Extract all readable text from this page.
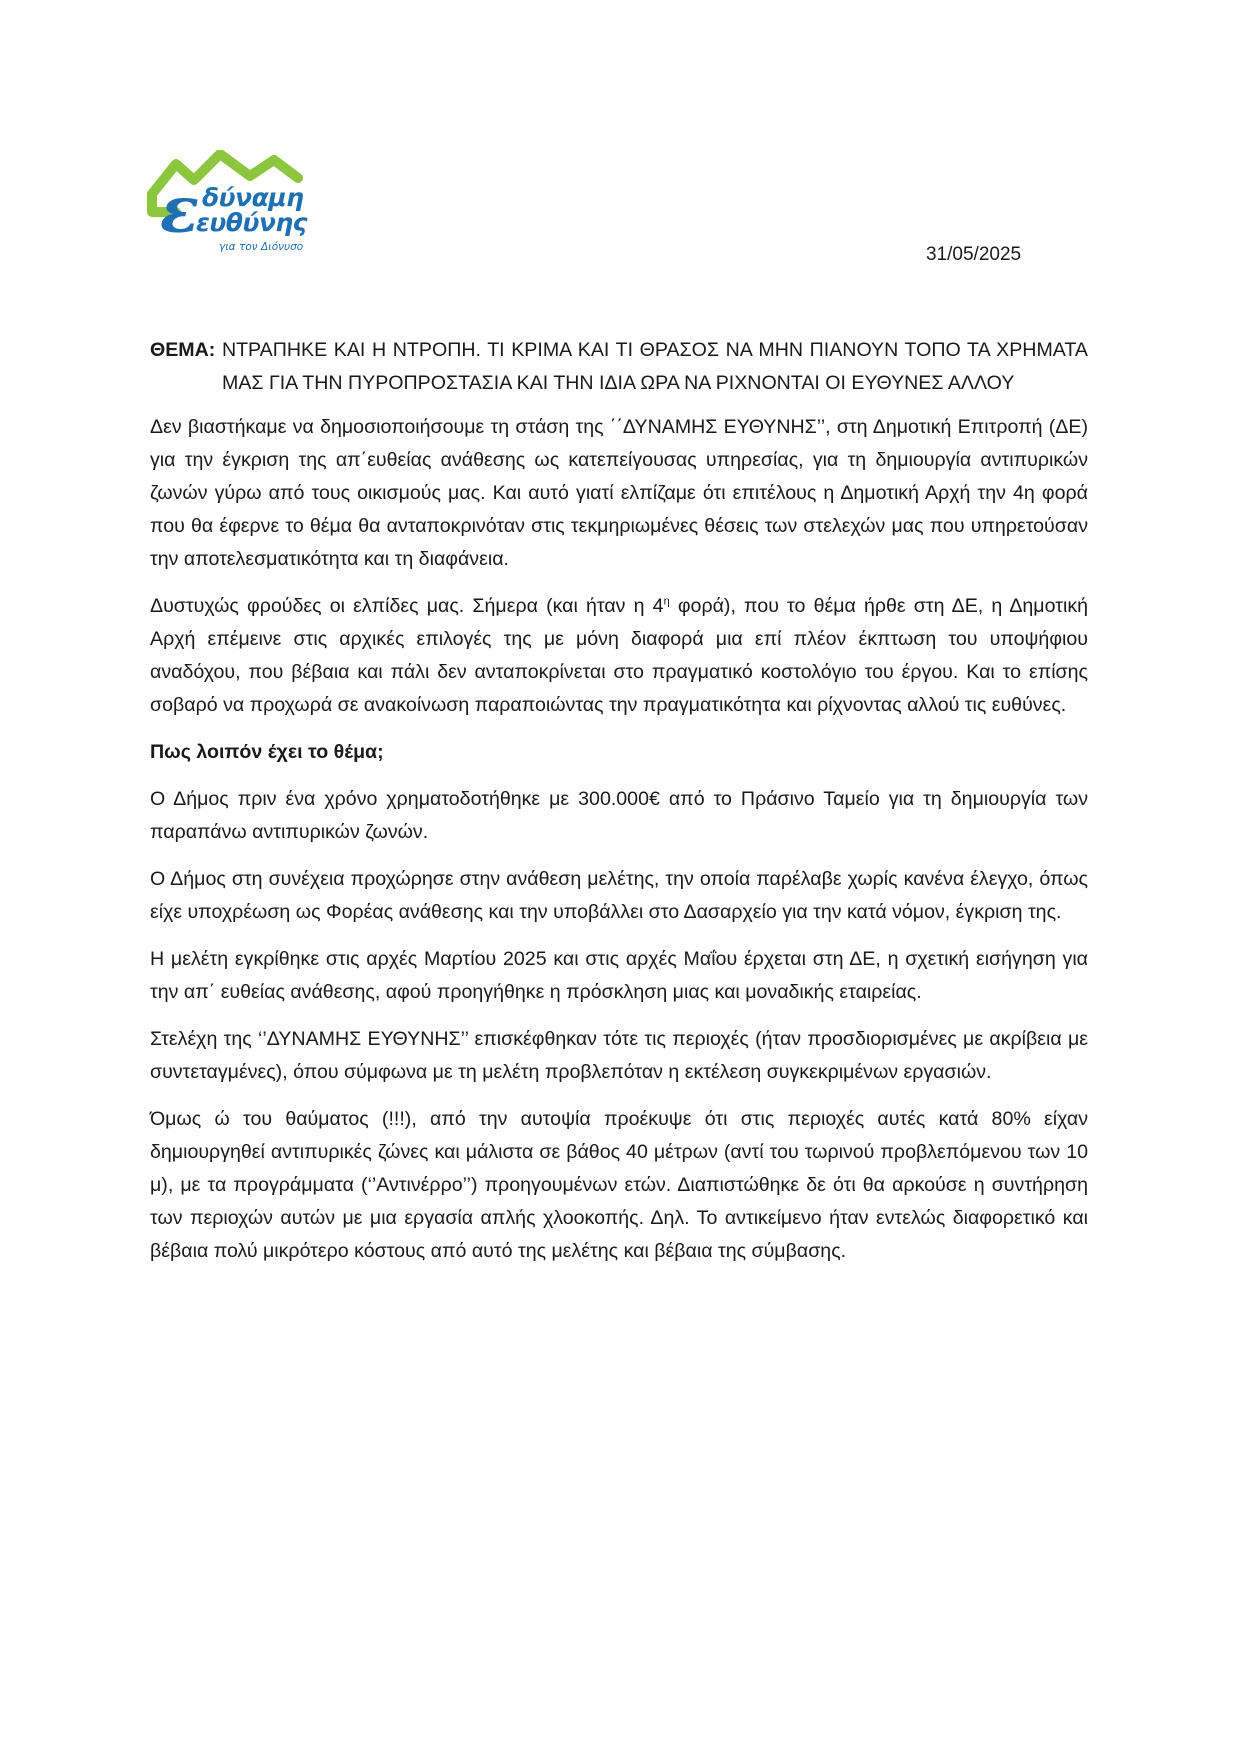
ε δύναμη
ευθύνης
για τον Διόνυσο	31/05/2025

ΘΕΜΑ: ΝΤΡΑΠΗΚΕ ΚΑΙ Η ΝΤΡΟΠΗ. ΤΙ ΚΡΙΜΑ ΚΑΙ ΤΙ ΘΡΑΣΟΣ ΝΑ ΜΗΝ ΠΙΑΝΟΥΝ ΤΟΠΟ ΤΑ ΧΡΗΜΑΤΑ ΜΑΣ ΓΙΑ ΤΗΝ ΠΥΡΟΠΡΟΣΤΑΣΙΑ ΚΑΙ ΤΗΝ ΙΔΙΑ ΩΡΑ ΝΑ ΡΙΧΝΟΝΤΑΙ ΟΙ ΕΥΘΥΝΕΣ ΑΛΛΟΥ

Δεν βιαστήκαμε να δημοσιοποιήσουμε τη στάση της ΄΄ΔΥΝΑΜΗΣ ΕΥΘΥΝΗΣ’’, στη Δημοτική Επιτροπή (ΔΕ) για την έγκριση της απ΄ευθείας ανάθεσης ως κατεπείγουσας υπηρεσίας, για τη δημιουργία αντιπυρικών ζωνών γύρω από τους οικισμούς μας. Και αυτό γιατί ελπίζαμε ότι επιτέλους η Δημοτική Αρχή την 4η φορά που θα έφερνε το θέμα θα ανταποκρινόταν στις τεκμηριωμένες θέσεις των στελεχών μας που υπηρετούσαν την αποτελεσματικότητα και τη διαφάνεια.

Δυστυχώς φρούδες οι ελπίδες μας. Σήμερα (και ήταν η $4^\eta$ φορά), που το θέμα ήρθε στη ΔΕ, η Δημοτική Αρχή επέμεινε στις αρχικές επιλογές της με μόνη διαφορά μια επί πλέον έκπτωση του υποψήφιου αναδόχου, που βέβαια και πάλι δεν ανταποκρίνεται στο πραγματικό κοστολόγιο του έργου. Και το επίσης σοβαρό να προχωρά σε ανακοίνωση παραποιώντας την πραγματικότητα και ρίχνοντας αλλού τις ευθύνες.

Πως λοιπόν έχει το θέμα;

Ο Δήμος πριν ένα χρόνο χρηματοδοτήθηκε με 300.000€ από το Πράσινο Ταμείο για τη δημιουργία των παραπάνω αντιπυρικών ζωνών.

Ο Δήμος στη συνέχεια προχώρησε στην ανάθεση μελέτης, την οποία παρέλαβε χωρίς κανένα έλεγχο, όπως είχε υποχρέωση ως Φορέας ανάθεσης και την υποβάλλει στο Δασαρχείο για την κατά νόμον, έγκριση της.

Η μελέτη εγκρίθηκε στις αρχές Μαρτίου 2025 και στις αρχές Μαΐου έρχεται στη ΔΕ, η σχετική εισήγηση για την απ΄ ευθείας ανάθεσης, αφού προηγήθηκε η πρόσκληση μιας και μοναδικής εταιρείας.

Στελέχη της ‘’ΔΥΝΑΜΗΣ ΕΥΘΥΝΗΣ’’ επισκέφθηκαν τότε τις περιοχές (ήταν προσδιορισμένες με ακρίβεια με συντεταγμένες), όπου σύμφωνα με τη μελέτη προβλεπόταν η εκτέλεση συγκεκριμένων εργασιών.

Όμως ώ του θαύματος (!!!), από την αυτοψία προέκυψε ότι στις περιοχές αυτές κατά 80% είχαν δημιουργηθεί αντιπυρικές ζώνες και μάλιστα σε βάθος 40 μέτρων (αντί του τωρινού προβλεπόμενου των 10 μ), με τα προγράμματα (‘’Αντινέρρο’’) προηγουμένων ετών. Διαπιστώθηκε δε ότι θα αρκούσε η συντήρηση των περιοχών αυτών με μια εργασία απλής χλοοκοπής. Δηλ. Το αντικείμενο ήταν εντελώς διαφορετικό και βέβαια πολύ μικρότερο κόστους από αυτό της μελέτης και βέβαια της σύμβασης.
